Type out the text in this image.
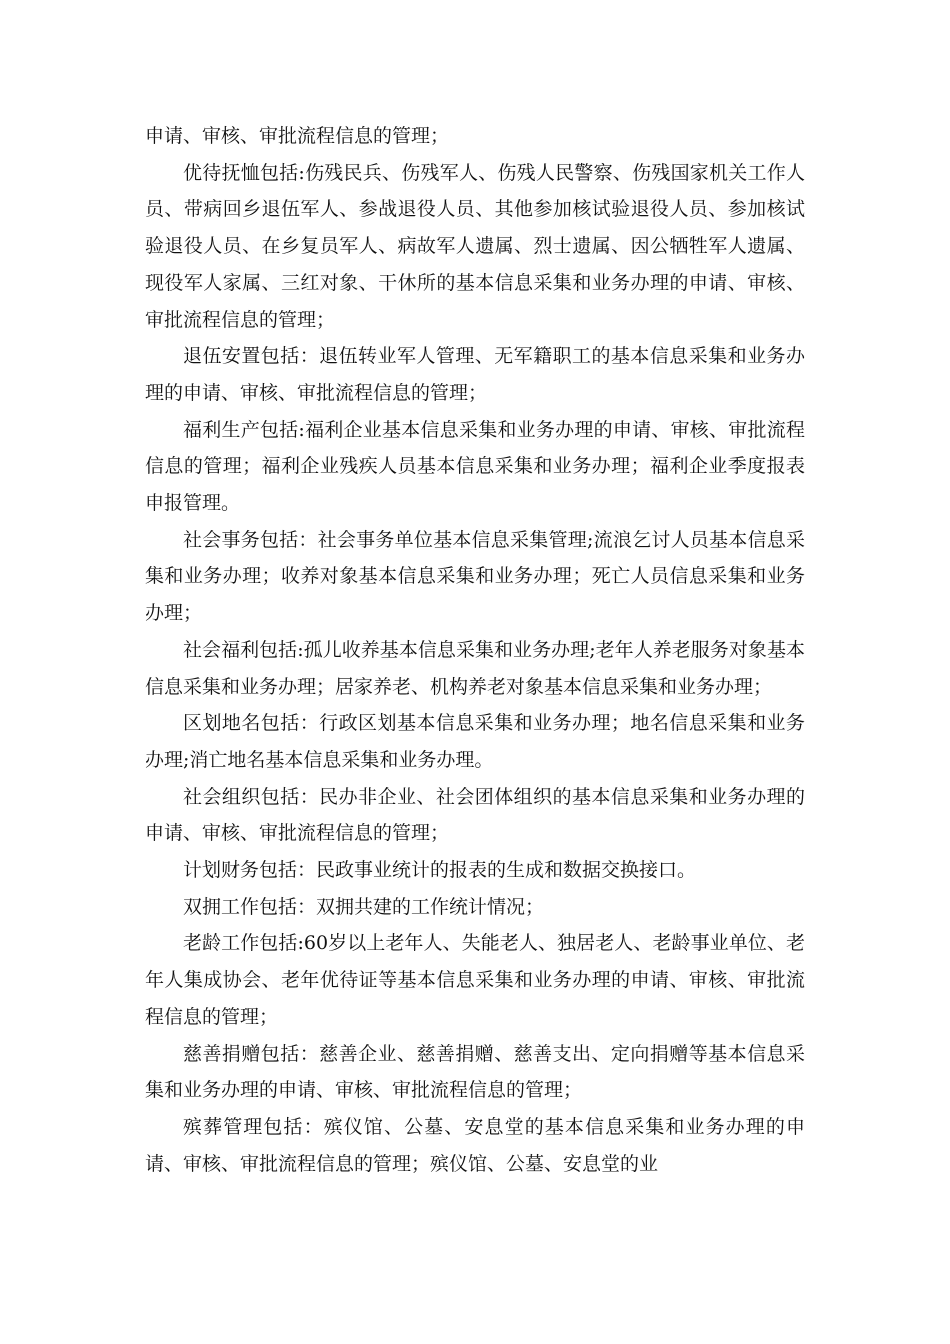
申请、审核、审批流程信息的管理；

优待抚恤包括:伤残民兵、伤残军人、伤残人民警察、伤残国家机关工作人员、带病回乡退伍军人、参战退役人员、其他参加核试验退役人员、参加核试验退役人员、在乡复员军人、病故军人遗属、烈士遗属、因公牺牲军人遗属、现役军人家属、三红对象、干休所的基本信息采集和业务办理的申请、审核、审批流程信息的管理；

退伍安置包括：退伍转业军人管理、无军籍职工的基本信息采集和业务办理的申请、审核、审批流程信息的管理；

福利生产包括:福利企业基本信息采集和业务办理的申请、审核、审批流程信息的管理；福利企业残疾人员基本信息采集和业务办理；福利企业季度报表申报管理。

社会事务包括：社会事务单位基本信息采集管理;流浪乞讨人员基本信息采集和业务办理；收养对象基本信息采集和业务办理；死亡人员信息采集和业务办理；

社会福利包括:孤儿收养基本信息采集和业务办理;老年人养老服务对象基本信息采集和业务办理；居家养老、机构养老对象基本信息采集和业务办理；

区划地名包括：行政区划基本信息采集和业务办理；地名信息采集和业务办理;消亡地名基本信息采集和业务办理。

社会组织包括：民办非企业、社会团体组织的基本信息采集和业务办理的申请、审核、审批流程信息的管理；

计划财务包括：民政事业统计的报表的生成和数据交换接口。

双拥工作包括：双拥共建的工作统计情况；

老龄工作包括:60岁以上老年人、失能老人、独居老人、老龄事业单位、老年人集成协会、老年优待证等基本信息采集和业务办理的申请、审核、审批流程信息的管理；

慈善捐赠包括：慈善企业、慈善捐赠、慈善支出、定向捐赠等基本信息采集和业务办理的申请、审核、审批流程信息的管理；

殡葬管理包括：殡仪馆、公墓、安息堂的基本信息采集和业务办理的申请、审核、审批流程信息的管理；殡仪馆、公墓、安息堂的业
